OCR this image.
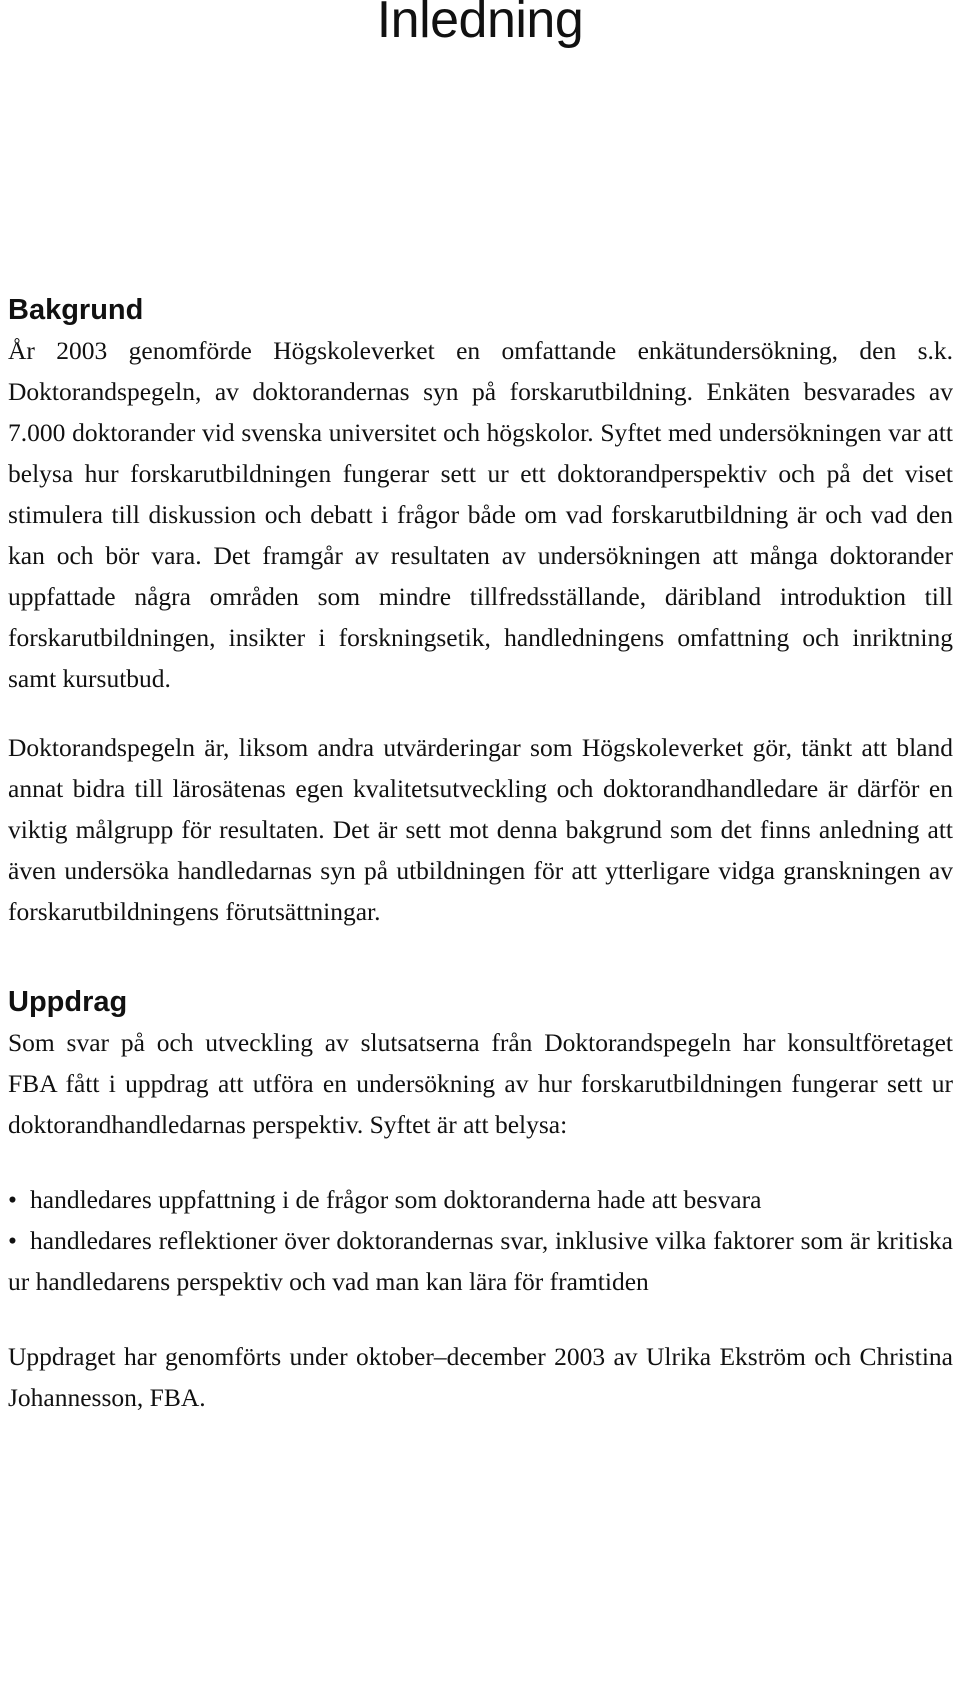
Inledning
Bakgrund

År 2003 genomförde Högskoleverket en omfattande enkätundersökning, den s.k. Doktorandspegeln, av doktorandernas syn på forskarutbildning. Enkäten besvarades av 7.000 doktorander vid svenska universitet och högskolor. Syftet med undersökningen var att belysa hur forskarutbildningen fungerar sett ur ett doktorandperspektiv och på det viset stimulera till diskussion och debatt i frågor både om vad forskarutbildning är och vad den kan och bör vara. Det framgår av resultaten av undersökningen att många doktorander uppfattade några områden som mindre tillfredsställande, däribland introduktion till forskarutbildningen, insikter i forskningsetik, handledningens omfattning och inriktning samt kursutbud.

Doktorandspegeln är, liksom andra utvärderingar som Högskoleverket gör, tänkt att bland annat bidra till lärosätenas egen kvalitetsutveckling och doktorandhandledare är därför en viktig målgrupp för resultaten. Det är sett mot denna bakgrund som det finns anledning att även undersöka handledarnas syn på utbildningen för att ytterligare vidga granskningen av forskarutbildningens förutsättningar.

Uppdrag

Som svar på och utveckling av slutsatserna från Doktorandspegeln har konsultföretaget FBA fått i uppdrag att utföra en undersökning av hur forskarutbildningen fungerar sett ur doktorandhandledarnas perspektiv. Syftet är att belysa:

• handledares uppfattning i de frågor som doktoranderna hade att besvara

• handledares reflektioner över doktorandernas svar, inklusive vilka faktorer som är kritiska ur handledarens perspektiv och vad man kan lära för framtiden

Uppdraget har genomförts under oktober–december 2003 av Ulrika Ekström och Christina Johannesson, FBA.
